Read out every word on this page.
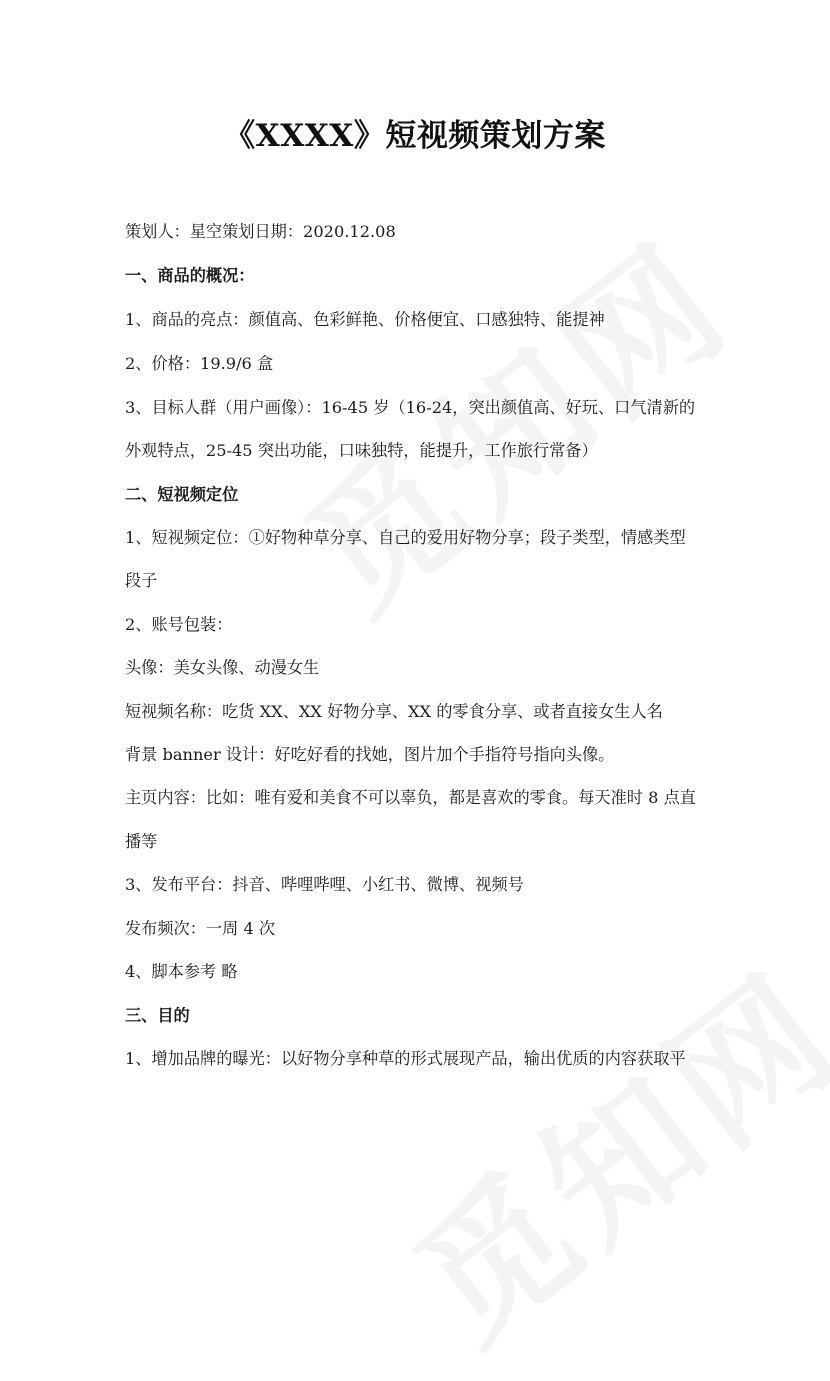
《XXXX》短视频策划方案

策划人：星空策划日期：2020.12.08

一、商品的概况：

1、商品的亮点：颜值高、色彩鲜艳、价格便宜、口感独特、能提神

2、价格：19.9/6 盒

3、目标人群（用户画像）：16-45 岁（16-24，突出颜值高、好玩、口气清新的

外观特点，25-45 突出功能，口味独特，能提升，工作旅行常备）

二、短视频定位

1、短视频定位：①好物种草分享、自己的爱用好物分享；段子类型，情感类型

段子

2、账号包装：

头像：美女头像、动漫女生

短视频名称：吃货 XX、XX 好物分享、XX 的零食分享、或者直接女生人名

背景 banner 设计：好吃好看的找她，图片加个手指符号指向头像。

主页内容：比如：唯有爱和美食不可以辜负，都是喜欢的零食。每天准时 8 点直

播等

3、发布平台：抖音、哔哩哔哩、小红书、微博、视频号

发布频次：一周 4 次

4、脚本参考 略

三、目的

1、增加品牌的曝光：以好物分享种草的形式展现产品，输出优质的内容获取平
